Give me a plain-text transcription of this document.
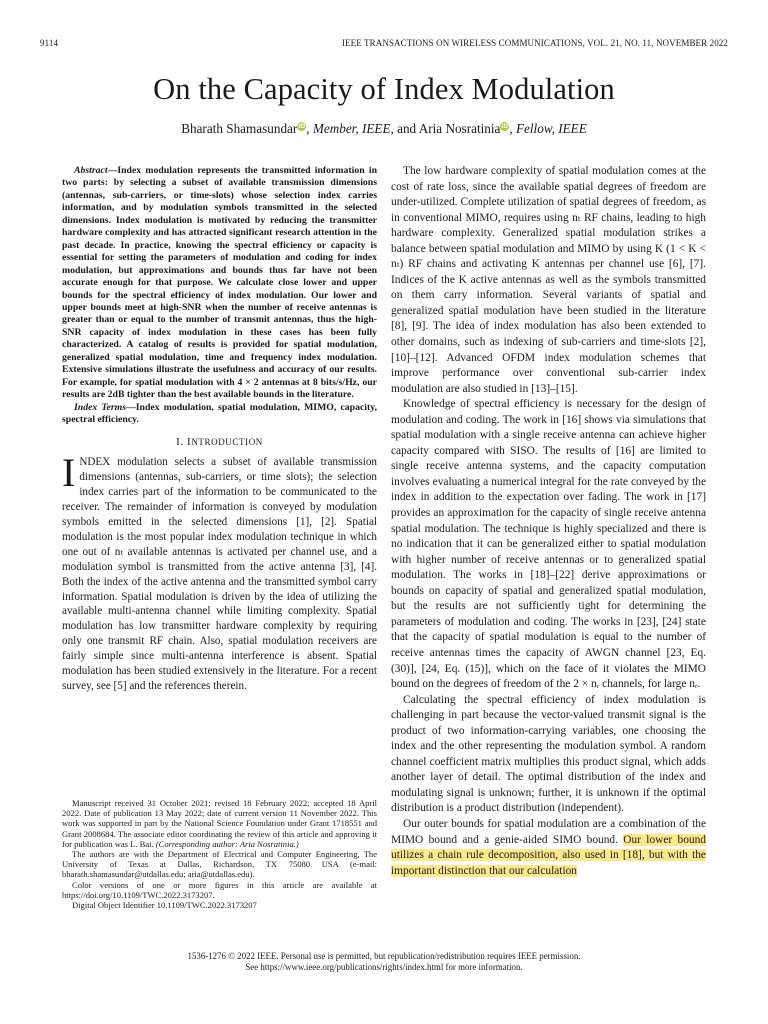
9114	IEEE TRANSACTIONS ON WIRELESS COMMUNICATIONS, VOL. 21, NO. 11, NOVEMBER 2022
On the Capacity of Index Modulation
Bharath ShamasundariD, Member, IEEE, and Aria NosratiniaiD, Fellow, IEEE

Abstract—Index modulation represents the transmitted information in two parts: by selecting a subset of available transmission dimensions (antennas, sub-carriers, or time-slots) whose selection index carries information, and by modulation symbols transmitted in the selected dimensions. Index modulation is motivated by reducing the transmitter hardware complexity and has attracted significant research attention in the past decade. In practice, knowing the spectral efficiency or capacity is essential for setting the parameters of modulation and coding for index modulation, but approximations and bounds thus far have not been accurate enough for that purpose. We calculate close lower and upper bounds for the spectral efficiency of index modulation. Our lower and upper bounds meet at high-SNR when the number of receive antennas is greater than or equal to the number of transmit antennas, thus the high-SNR capacity of index modulation in these cases has been fully characterized. A catalog of results is provided for spatial modulation, generalized spatial modulation, time and frequency index modulation. Extensive simulations illustrate the usefulness and accuracy of our results. For example, for spatial modulation with 4 × 2 antennas at 8 bits/s/Hz, our results are 2dB tighter than the best available bounds in the literature.

Index Terms—Index modulation, spatial modulation, MIMO, capacity, spectral efficiency.

I. INTRODUCTION

INDEX modulation selects a subset of available transmission dimensions (antennas, sub-carriers, or time slots); the selection index carries part of the information to be communicated to the receiver. The remainder of information is conveyed by modulation symbols emitted in the selected dimensions [1], [2]. Spatial modulation is the most popular index modulation technique in which one out of nₜ available antennas is activated per channel use, and a modulation symbol is transmitted from the active antenna [3], [4]. Both the index of the active antenna and the transmitted symbol carry information. Spatial modulation is driven by the idea of utilizing the available multi-antenna channel while limiting complexity. Spatial modulation has low transmitter hardware complexity by requiring only one transmit RF chain. Also, spatial modulation receivers are fairly simple since multi-antenna interference is absent. Spatial modulation has been studied extensively in the literature. For a recent survey, see [5] and the references therein.

Manuscript received 31 October 2021; revised 18 February 2022; accepted 18 April 2022. Date of publication 13 May 2022; date of current version 11 November 2022. This work was supported in part by the National Science Foundation under Grant 1718551 and Grant 2008684. The associate editor coordinating the review of this article and approving it for publication was L. Bai. (Corresponding author: Aria Nosratinia.)

The authors are with the Department of Electrical and Computer Engineering, The University of Texas at Dallas, Richardson, TX 75080 USA (e-mail: bharath.shamasundar@utdallas.edu; aria@utdallas.edu).

Color versions of one or more figures in this article are available at https://doi.org/10.1109/TWC.2022.3173207.

Digital Object Identifier 10.1109/TWC.2022.3173207

The low hardware complexity of spatial modulation comes at the cost of rate loss, since the available spatial degrees of freedom are under-utilized. Complete utilization of spatial degrees of freedom, as in conventional MIMO, requires using nₜ RF chains, leading to high hardware complexity. Generalized spatial modulation strikes a balance between spatial modulation and MIMO by using K (1 < K < nₜ) RF chains and activating K antennas per channel use [6], [7]. Indices of the K active antennas as well as the symbols transmitted on them carry information. Several variants of spatial and generalized spatial modulation have been studied in the literature [8], [9]. The idea of index modulation has also been extended to other domains, such as indexing of sub-carriers and time-slots [2], [10]–[12]. Advanced OFDM index modulation schemes that improve performance over conventional sub-carrier index modulation are also studied in [13]–[15].

Knowledge of spectral efficiency is necessary for the design of modulation and coding. The work in [16] shows via simulations that spatial modulation with a single receive antenna can achieve higher capacity compared with SISO. The results of [16] are limited to single receive antenna systems, and the capacity computation involves evaluating a numerical integral for the rate conveyed by the index in addition to the expectation over fading. The work in [17] provides an approximation for the capacity of single receive antenna spatial modulation. The technique is highly specialized and there is no indication that it can be generalized either to spatial modulation with higher number of receive antennas or to generalized spatial modulation. The works in [18]–[22] derive approximations or bounds on capacity of spatial and generalized spatial modulation, but the results are not sufficiently tight for determining the parameters of modulation and coding. The works in [23], [24] state that the capacity of spatial modulation is equal to the number of receive antennas times the capacity of AWGN channel [23, Eq. (30)], [24, Eq. (15)], which on the face of it violates the MIMO bound on the degrees of freedom of the 2 × nᵣ channels, for large nᵣ.

Calculating the spectral efficiency of index modulation is challenging in part because the vector-valued transmit signal is the product of two information-carrying variables, one choosing the index and the other representing the modulation symbol. A random channel coefficient matrix multiplies this product signal, which adds another layer of detail. The optimal distribution of the index and modulating signal is unknown; further, it is unknown if the optimal distribution is a product distribution (independent).

Our outer bounds for spatial modulation are a combination of the MIMO bound and a genie-aided SIMO bound. Our lower bound utilizes a chain rule decomposition, also used in [18], but with the important distinction that our calculation

1536-1276 © 2022 IEEE. Personal use is permitted, but republication/redistribution requires IEEE permission.
See https://www.ieee.org/publications/rights/index.html for more information.
